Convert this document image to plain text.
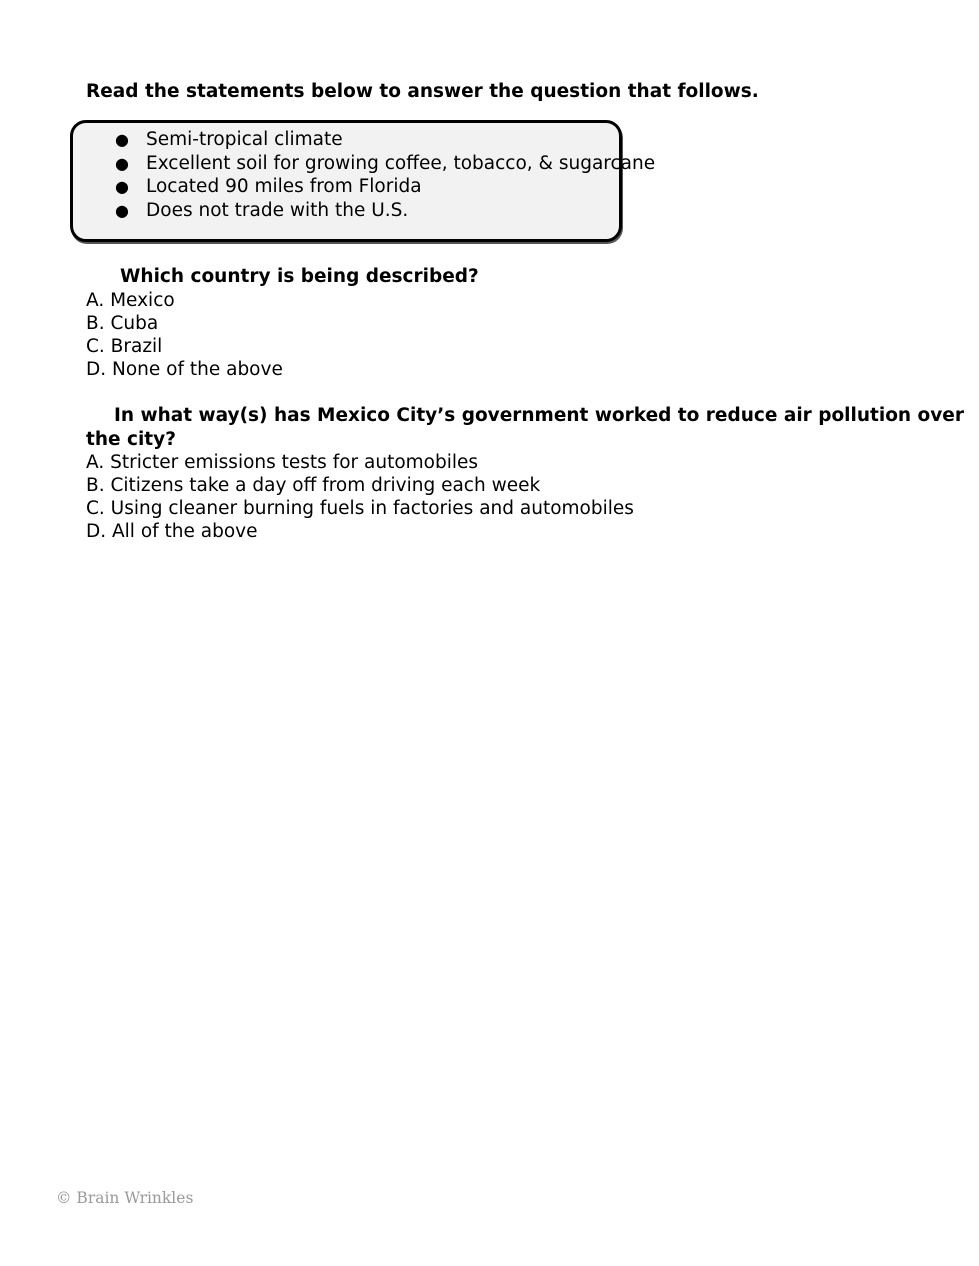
Read the statements below to answer the question that follows.
● Semi-tropical climate
● Excellent soil for growing coffee, tobacco, & sugarcane
● Located 90 miles from Florida
● Does not trade with the U.S.
Which country is being described?
A. Mexico
B. Cuba
C. Brazil
D. None of the above
In what way(s) has Mexico City’s government worked to reduce air pollution over
the city?
A. Stricter emissions tests for automobiles
B. Citizens take a day off from driving each week
C. Using cleaner burning fuels in factories and automobiles
D. All of the above
© Brain Wrinkles
